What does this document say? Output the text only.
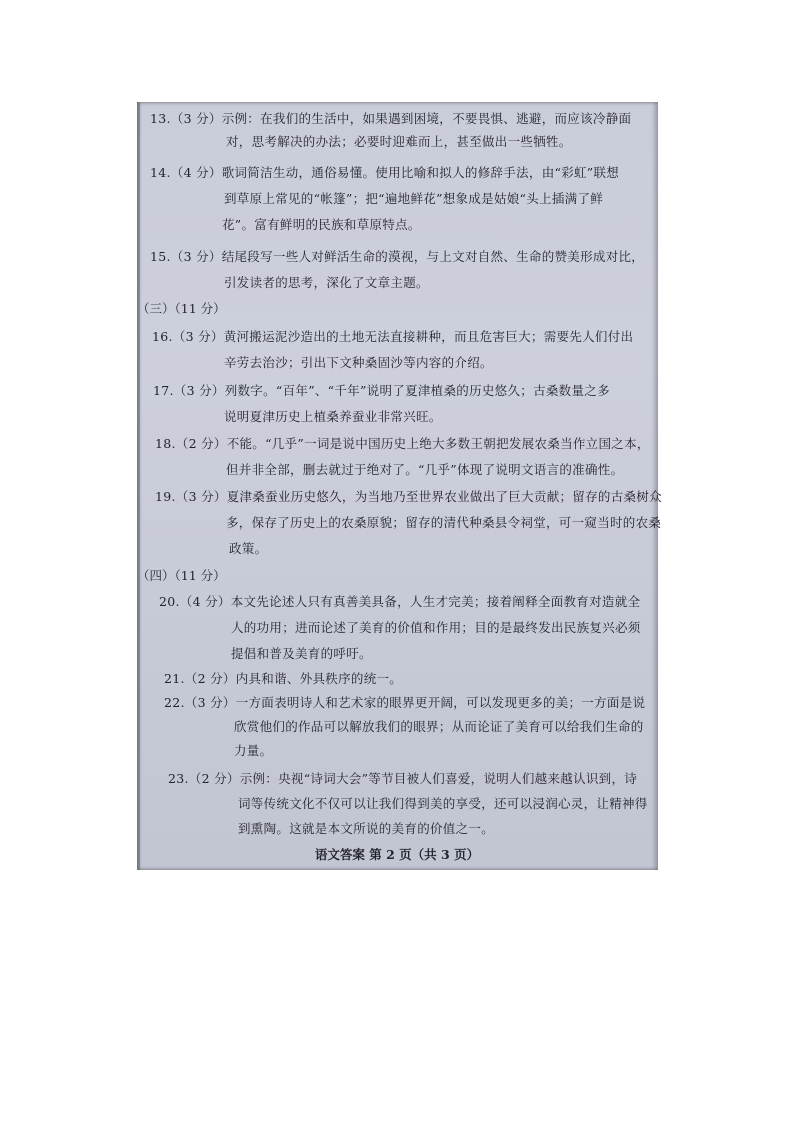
13.（3 分）示例：在我们的生活中，如果遇到困境，不要畏惧、逃避，而应该冷静面
对，思考解决的办法；必要时迎难而上，甚至做出一些牺牲。
14.（4 分）歌词简洁生动，通俗易懂。使用比喻和拟人的修辞手法，由“彩虹”联想
到草原上常见的“帐篷”；把“遍地鲜花”想象成是姑娘“头上插满了鲜
花”。富有鲜明的民族和草原特点。
15.（3 分）结尾段写一些人对鲜活生命的漠视，与上文对自然、生命的赞美形成对比，
引发读者的思考，深化了文章主题。
（三）（11 分）
16.（3 分）黄河搬运泥沙造出的土地无法直接耕种，而且危害巨大；需要先人们付出
辛劳去治沙；引出下文种桑固沙等内容的介绍。
17.（3 分）列数字。“百年”、“千年”说明了夏津植桑的历史悠久；古桑数量之多
说明夏津历史上植桑养蚕业非常兴旺。
18.（2 分）不能。“几乎”一词是说中国历史上绝大多数王朝把发展农桑当作立国之本，
但并非全部，删去就过于绝对了。“几乎”体现了说明文语言的准确性。
19.（3 分）夏津桑蚕业历史悠久，为当地乃至世界农业做出了巨大贡献；留存的古桑树众
多，保存了历史上的农桑原貌；留存的清代种桑县令祠堂，可一窥当时的农桑
政策。
（四）（11 分）
20.（4 分）本文先论述人只有真善美具备，人生才完美；接着阐释全面教育对造就全
人的功用；进而论述了美育的价值和作用；目的是最终发出民族复兴必须
提倡和普及美育的呼吁。
21.（2 分）内具和谐、外具秩序的统一。
22.（3 分）一方面表明诗人和艺术家的眼界更开阔，可以发现更多的美；一方面是说
欣赏他们的作品可以解放我们的眼界；从而论证了美育可以给我们生命的
力量。
23.（2 分）示例：央视“诗词大会”等节目被人们喜爱，说明人们越来越认识到，诗
词等传统文化不仅可以让我们得到美的享受，还可以浸润心灵，让精神得
到熏陶。这就是本文所说的美育的价值之一。
语文答案 第 2 页（共 3 页）
